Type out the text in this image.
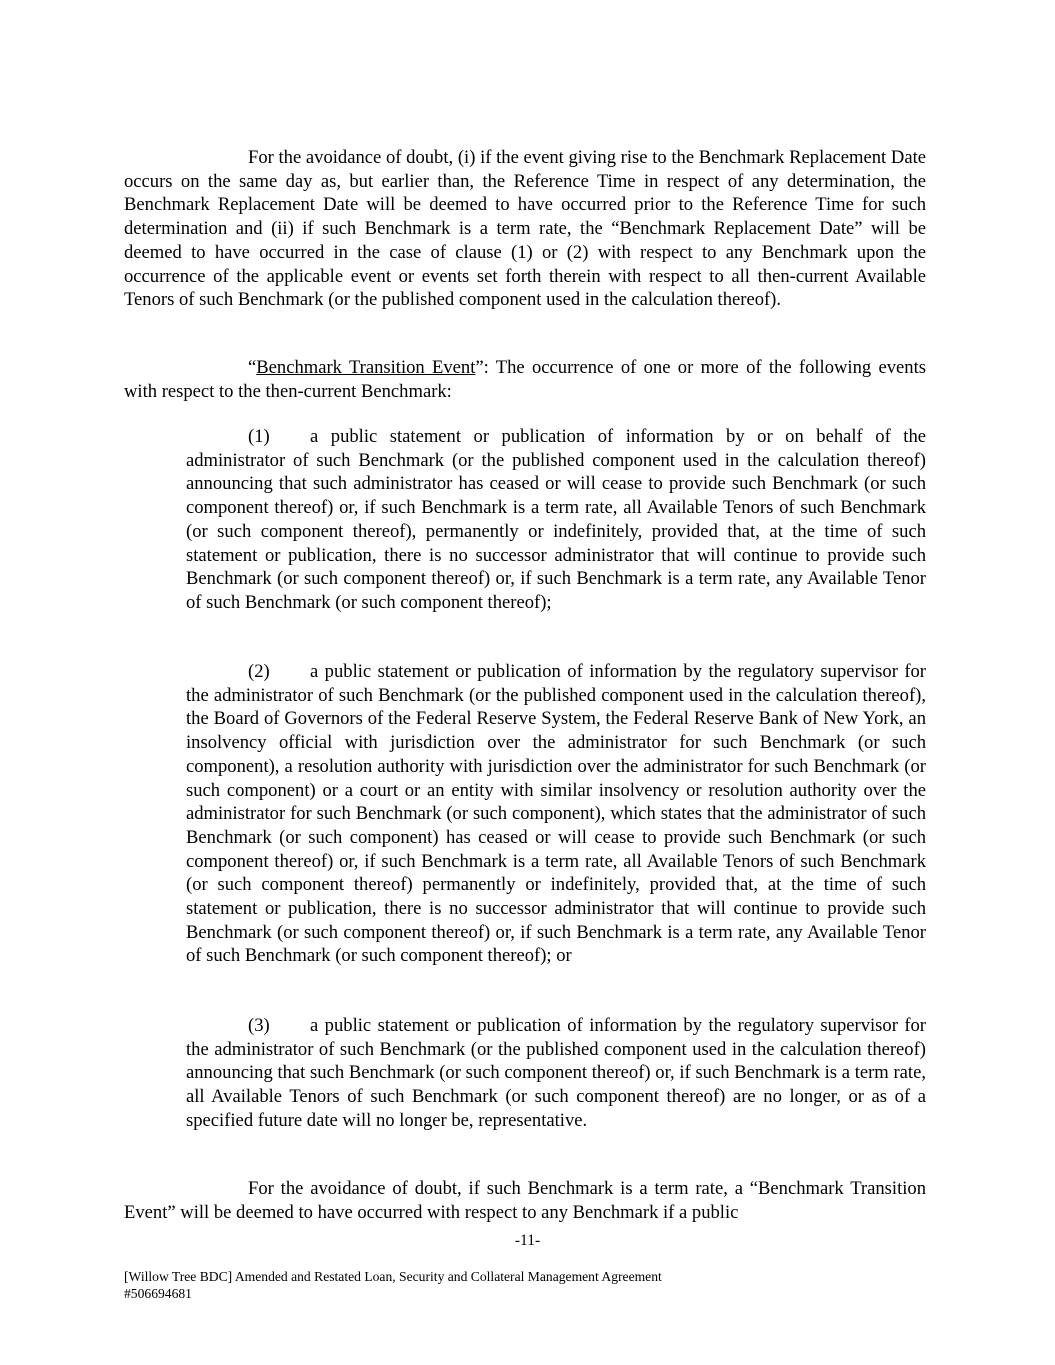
For the avoidance of doubt, (i) if the event giving rise to the Benchmark Replacement Date occurs on the same day as, but earlier than, the Reference Time in respect of any determination, the Benchmark Replacement Date will be deemed to have occurred prior to the Reference Time for such determination and (ii) if such Benchmark is a term rate, the “Benchmark Replacement Date” will be deemed to have occurred in the case of clause (1) or (2) with respect to any Benchmark upon the occurrence of the applicable event or events set forth therein with respect to all then-current Available Tenors of such Benchmark (or the published component used in the calculation thereof).

“Benchmark Transition Event”: The occurrence of one or more of the following events with respect to the then-current Benchmark:

(1) a public statement or publication of information by or on behalf of the administrator of such Benchmark (or the published component used in the calculation thereof) announcing that such administrator has ceased or will cease to provide such Benchmark (or such component thereof) or, if such Benchmark is a term rate, all Available Tenors of such Benchmark (or such component thereof), permanently or indefinitely, provided that, at the time of such statement or publication, there is no successor administrator that will continue to provide such Benchmark (or such component thereof) or, if such Benchmark is a term rate, any Available Tenor of such Benchmark (or such component thereof);

(2) a public statement or publication of information by the regulatory supervisor for the administrator of such Benchmark (or the published component used in the calculation thereof), the Board of Governors of the Federal Reserve System, the Federal Reserve Bank of New York, an insolvency official with jurisdiction over the administrator for such Benchmark (or such component), a resolution authority with jurisdiction over the administrator for such Benchmark (or such component) or a court or an entity with similar insolvency or resolution authority over the administrator for such Benchmark (or such component), which states that the administrator of such Benchmark (or such component) has ceased or will cease to provide such Benchmark (or such component thereof) or, if such Benchmark is a term rate, all Available Tenors of such Benchmark (or such component thereof) permanently or indefinitely, provided that, at the time of such statement or publication, there is no successor administrator that will continue to provide such Benchmark (or such component thereof) or, if such Benchmark is a term rate, any Available Tenor of such Benchmark (or such component thereof); or

(3) a public statement or publication of information by the regulatory supervisor for the administrator of such Benchmark (or the published component used in the calculation thereof) announcing that such Benchmark (or such component thereof) or, if such Benchmark is a term rate, all Available Tenors of such Benchmark (or such component thereof) are no longer, or as of a specified future date will no longer be, representative.

For the avoidance of doubt, if such Benchmark is a term rate, a “Benchmark Transition Event” will be deemed to have occurred with respect to any Benchmark if a public

-11-

[Willow Tree BDC] Amended and Restated Loan, Security and Collateral Management Agreement

#506694681
